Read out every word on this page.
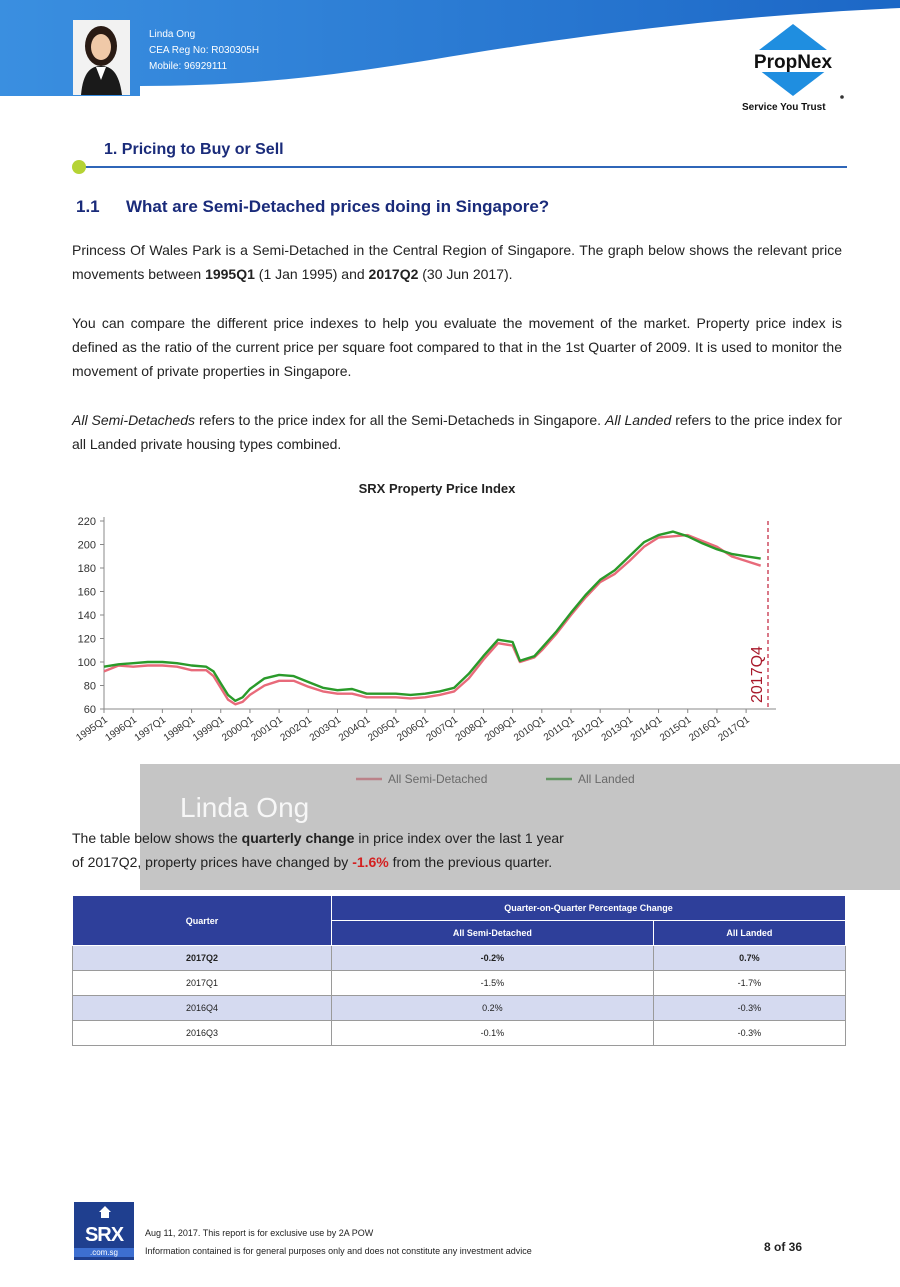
Linda Ong
CEA Reg No: R030305H
Mobile: 96929111	PropNex
Service You Trust
1. Pricing to Buy or Sell
1.1 What are Semi-Detached prices doing in Singapore?
Princess Of Wales Park is a Semi-Detached in the Central Region of Singapore. The graph below shows the relevant price movements between 1995Q1 (1 Jan 1995) and 2017Q2 (30 Jun 2017).
You can compare the different price indexes to help you evaluate the movement of the market. Property price index is defined as the ratio of the current price per square foot compared to that in the 1st Quarter of 2009. It is used to monitor the movement of private properties in Singapore.
All Semi-Detacheds refers to the price index for all the Semi-Detacheds in Singapore. All Landed refers to the price index for all Landed private housing types combined.
SRX Property Price Index
60
80
100
120
140
160
180
200
220
1995Q1
1996Q1
1997Q1
1998Q1
1999Q1
2000Q1
2001Q1
2002Q1
2003Q1
2004Q1
2005Q1
2006Q1
2007Q1
2008Q1
2009Q1
2010Q1
2011Q1
2012Q1
2013Q1
2014Q1
2015Q1
2016Q1
2017Q1
2017Q4
The table below shows the quarterly change in price index over the last 1 year
of 2017Q2, property prices have changed by -1.6% from the previous quarter.
Linda Ong
Quarter	Quarter-on-Quarter Percentage Change	
	All Semi-Detached	All Landed
2017Q2	-0.2%	0.7%
2017Q1	-1.5%	-1.7%
2016Q4	0.2%	-0.3%
2016Q3	-0.1%	-0.3%
SRX
.com.sg
Aug 11, 2017. This report is for exclusive use by 2A POW
Information contained is for general purposes only and does not constitute any investment advice	8 of 36
